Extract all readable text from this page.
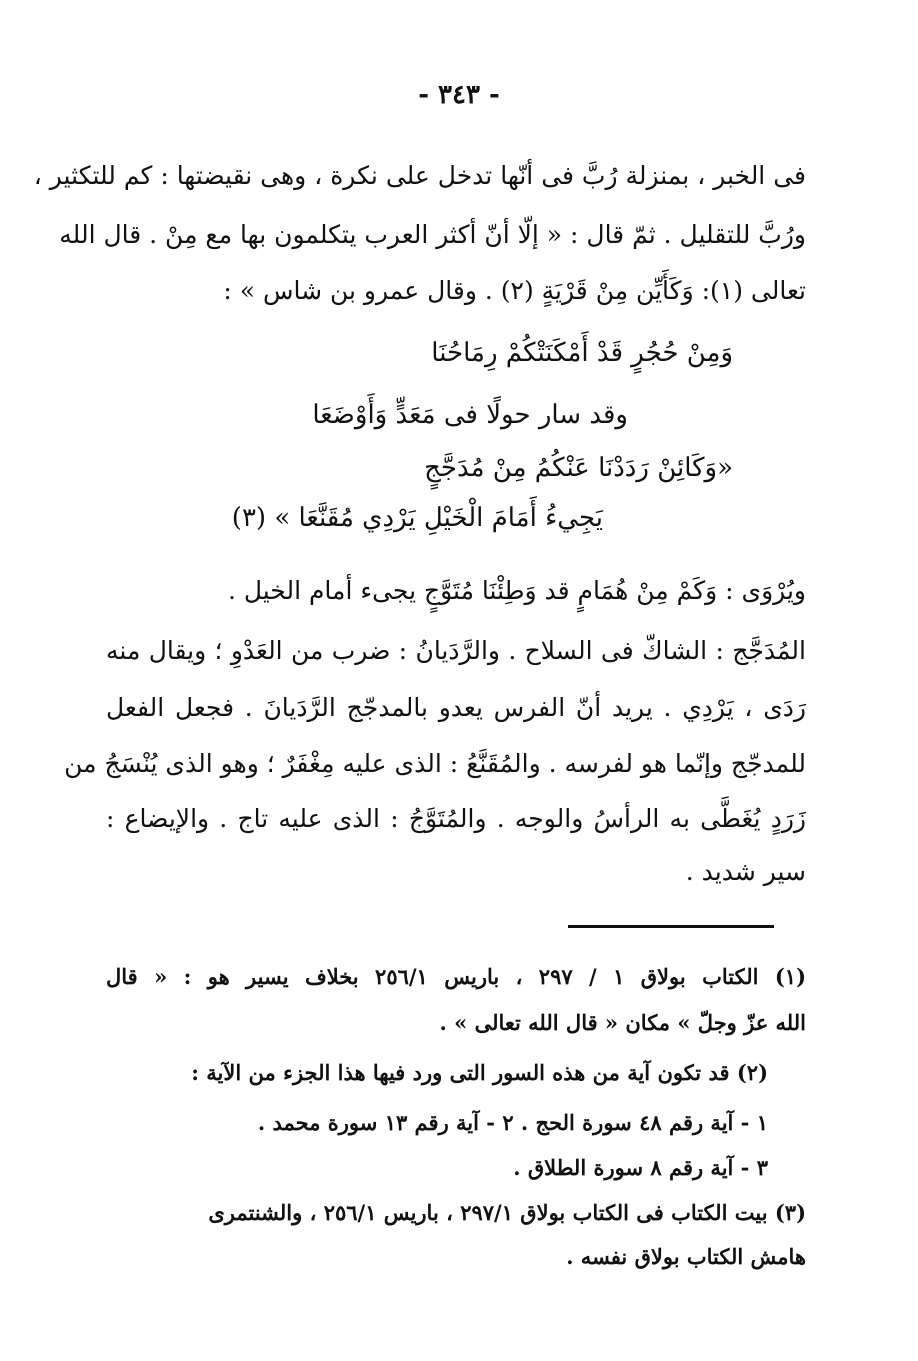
- ٣٤٣ -
فى الخبر ، بمنزلة رُبَّ فى أنّها تدخل على نكرة ، وهى نقيضتها : كم للتكثير ،
ورُبَّ للتقليل . ثمّ قال : « إلّا أنّ أكثر العرب يتكلمون بها مع مِنْ . قال الله
تعالى (١): وَكَأَيِّن مِنْ قَرْيَةٍ (٢) . وقال عمرو بن شاس » :
وَمِنْ حُجُرٍ قَدْ أَمْكَنَتْكُمْ رِمَاحُنَا
وقد سار حولًا فى مَعَدٍّ وَأَوْضَعَا
«وَكَائِنْ رَدَدْنَا عَنْكُمُ مِنْ مُدَجَّجٍ
يَجِيءُ أَمَامَ الْخَيْلِ يَرْدِي مُقَنَّعَا » (٣)
ويُرْوَى : وَكَمْ مِنْ هُمَامٍ قد وَطِئْنَا مُتَوَّجٍ يجىء أمام الخيل .
المُدَجَّج : الشاكّ فى السلاح . والرَّدَيانُ : ضرب من العَدْوِ ؛ ويقال منه
رَدَى ، يَرْدِي . يريد أنّ الفرس يعدو بالمدجّج الرَّدَيانَ . فجعل الفعل
للمدجّج وإنّما هو لفرسه . والمُقَنَّعُ : الذى عليه مِغْفَرٌ ؛ وهو الذى يُنْسَجُ من
زَرَدٍ يُغَطَّى به الرأسُ والوجه . والمُتَوَّجُ : الذى عليه تاج . والإيضاع :
سير شديد .
(١) الكتاب بولاق ١ / ٢٩٧ ، باريس ٢٥٦/١ بخلاف يسير هو : « قال
الله عزّ وجلّ » مكان « قال الله تعالى » .
(٢) قد تكون آية من هذه السور التى ورد فيها هذا الجزء من الآية :
١ - آية رقم ٤٨ سورة الحج . ٢ - آية رقم ١٣ سورة محمد .
٣ - آية رقم ٨ سورة الطلاق .
(٣) بيت الكتاب فى الكتاب بولاق ٢٩٧/١ ، باريس ٢٥٦/١ ، والشنتمرى
هامش الكتاب بولاق نفسه .
